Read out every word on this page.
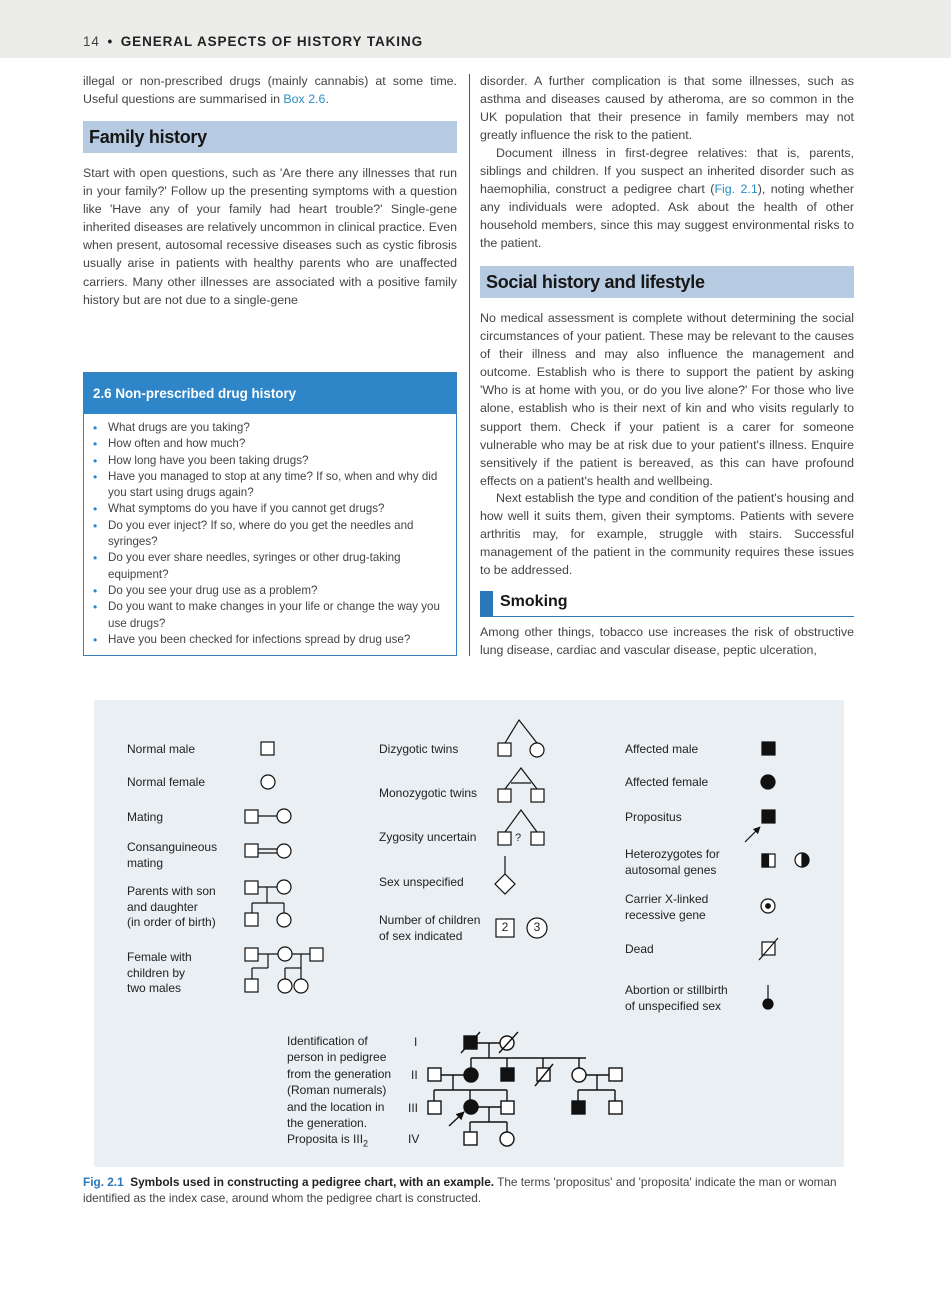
14 • GENERAL ASPECTS OF HISTORY TAKING
illegal or non-prescribed drugs (mainly cannabis) at some time. Useful questions are summarised in Box 2.6.
Family history
Start with open questions, such as 'Are there any illnesses that run in your family?' Follow up the presenting symptoms with a question like 'Have any of your family had heart trouble?' Single-gene inherited diseases are relatively uncommon in clinical practice. Even when present, autosomal recessive diseases such as cystic fibrosis usually arise in patients with healthy parents who are unaffected carriers. Many other illnesses are associated with a positive family history but are not due to a single-gene
2.6 Non-prescribed drug history
• What drugs are you taking?
• How often and how much?
• How long have you been taking drugs?
• Have you managed to stop at any time? If so, when and why did you start using drugs again?
• What symptoms do you have if you cannot get drugs?
• Do you ever inject? If so, where do you get the needles and syringes?
• Do you ever share needles, syringes or other drug-taking equipment?
• Do you see your drug use as a problem?
• Do you want to make changes in your life or change the way you use drugs?
• Have you been checked for infections spread by drug use?
disorder. A further complication is that some illnesses, such as asthma and diseases caused by atheroma, are so common in the UK population that their presence in family members may not greatly influence the risk to the patient.
Document illness in first-degree relatives: that is, parents, siblings and children. If you suspect an inherited disorder such as haemophilia, construct a pedigree chart (Fig. 2.1), noting whether any individuals were adopted. Ask about the health of other household members, since this may suggest environmental risks to the patient.
Social history and lifestyle
No medical assessment is complete without determining the social circumstances of your patient. These may be relevant to the causes of their illness and may also influence the management and outcome. Establish who is there to support the patient by asking 'Who is at home with you, or do you live alone?' For those who live alone, establish who is their next of kin and who visits regularly to support them. Check if your patient is a carer for someone vulnerable who may be at risk due to your patient's illness. Enquire sensitively if the patient is bereaved, as this can have profound effects on a patient's health and wellbeing.
Next establish the type and condition of the patient's housing and how well it suits them, given their symptoms. Patients with severe arthritis may, for example, struggle with stairs. Successful management of the patient in the community requires these issues to be addressed.
Smoking
Among other things, tobacco use increases the risk of obstructive lung disease, cardiac and vascular disease, peptic ulceration,
Normal male
Normal female
Mating
Consanguineous
mating
Parents with son
and daughter
(in order of birth)
Female with
children by
two males
Dizygotic twins
Monozygotic twins
Zygosity uncertain
Sex unspecified
Number of children
of sex indicated
Affected male
Affected female
Propositus
Heterozygotes for
autosomal genes
Carrier X-linked
recessive gene
Dead
Abortion or stillbirth
of unspecified sex
Identification of
person in pedigree
from the generation
(Roman numerals)
and the location in
the generation.
Proposita is $III_2$
I
II
III
IV
?
2	3
Fig. 2.1 Symbols used in constructing a pedigree chart, with an example. The terms 'propositus' and 'proposita' indicate the man or woman identified as the index case, around whom the pedigree chart is constructed.
